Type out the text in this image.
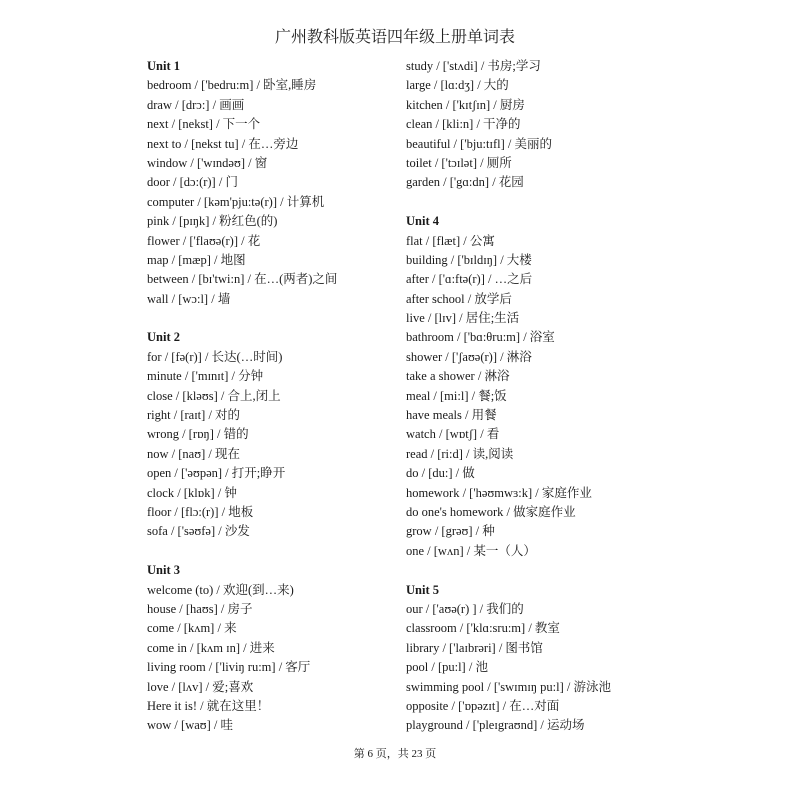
广州教科版英语四年级上册单词表
Unit 1
bedroom / ['bedru:m] / 卧室,睡房
draw / [drɔ:] / 画画
next / [nekst] / 下一个
next to / [nekst tu] / 在…旁边
window / ['wɪndəʊ] / 窗
door / [dɔ:(r)] / 门
computer / [kəm'pju:tə(r)] / 计算机
pink / [pɪŋk] / 粉红色(的)
flower / ['flaʊə(r)] / 花
map / [mæp] / 地图
between / [bɪ'twi:n] / 在…(两者)之间
wall / [wɔ:l] / 墙
Unit 2
for / [fə(r)] / 长达(…时间)
minute / ['mɪnɪt] / 分钟
close / [kləʊs] / 合上,闭上
right / [raɪt] / 对的
wrong / [rɒŋ] / 错的
now / [naʊ] / 现在
open / ['əʊpən] / 打开;睁开
clock / [klɒk] / 钟
floor / [flɔ:(r)] / 地板
sofa / ['səʊfə] / 沙发
Unit 3
welcome (to) / 欢迎(到…来)
house / [haʊs] / 房子
come / [kʌm] / 来
come in / [kʌm ɪn] / 进来
living room / ['liviŋ ru:m] / 客厅
love / [lʌv] / 爱;喜欢
Here it is! / 就在这里！
wow / [waʊ] / 哇
study / ['stʌdi] / 书房;学习
large / [lɑ:dʒ] / 大的
kitchen / ['kɪtʃɪn] / 厨房
clean / [kli:n] / 干净的
beautiful / ['bju:tɪfl] / 美丽的
toilet / ['tɔɪlət] / 厕所
garden / ['gɑ:dn] / 花园
Unit 4
flat / [flæt] / 公寓
building / ['bɪldɪŋ] / 大楼
after / ['ɑ:ftə(r)] / …之后
after school / 放学后
live / [lɪv] / 居住;生活
bathroom / ['bɑ:θru:m] / 浴室
shower / ['ʃaʊə(r)] / 淋浴
take a shower / 淋浴
meal / [mi:l] / 餐;饭
have meals / 用餐
watch / [wɒtʃ] / 看
read / [ri:d] / 读,阅读
do / [du:] / 做
homework / ['həʊmwɜ:k] / 家庭作业
do one's homework / 做家庭作业
grow / [grəʊ] / 种
one / [wʌn] / 某一（人）
Unit 5
our / ['aʊə(r) ] / 我们的
classroom / ['klɑ:sru:m] / 教室
library / ['laɪbrəri] / 图书馆
pool / [pu:l] / 池
swimming pool / ['swɪmɪŋ pu:l] / 游泳池
opposite / ['ɒpəzɪt] / 在…对面
playground / ['pleɪgraʊnd] / 运动场
第 6 页，共 23 页
